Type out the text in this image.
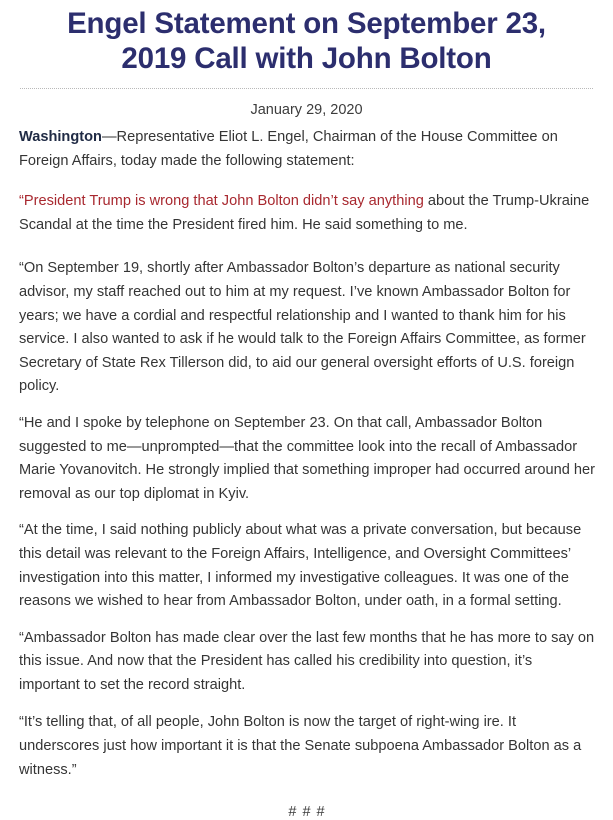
Engel Statement on September 23,
2019 Call with John Bolton
January 29, 2020

Washington—Representative Eliot L. Engel, Chairman of the House Committee on Foreign Affairs, today made the following statement:

“President Trump is wrong that John Bolton didn’t say anything about the Trump-Ukraine Scandal at the time the President fired him. He said something to me.

“On September 19, shortly after Ambassador Bolton’s departure as national security advisor, my staff reached out to him at my request. I’ve known Ambassador Bolton for years; we have a cordial and respectful relationship and I wanted to thank him for his service. I also wanted to ask if he would talk to the Foreign Affairs Committee, as former Secretary of State Rex Tillerson did, to aid our general oversight efforts of U.S. foreign policy.

“He and I spoke by telephone on September 23. On that call, Ambassador Bolton suggested to me—unprompted—that the committee look into the recall of Ambassador Marie Yovanovitch. He strongly implied that something improper had occurred around her removal as our top diplomat in Kyiv.

“At the time, I said nothing publicly about what was a private conversation, but because this detail was relevant to the Foreign Affairs, Intelligence, and Oversight Committees’ investigation into this matter, I informed my investigative colleagues. It was one of the reasons we wished to hear from Ambassador Bolton, under oath, in a formal setting.

“Ambassador Bolton has made clear over the last few months that he has more to say on this issue. And now that the President has called his credibility into question, it’s important to set the record straight.

“It’s telling that, of all people, John Bolton is now the target of right-wing ire. It underscores just how important it is that the Senate subpoena Ambassador Bolton as a witness.”

# # #
